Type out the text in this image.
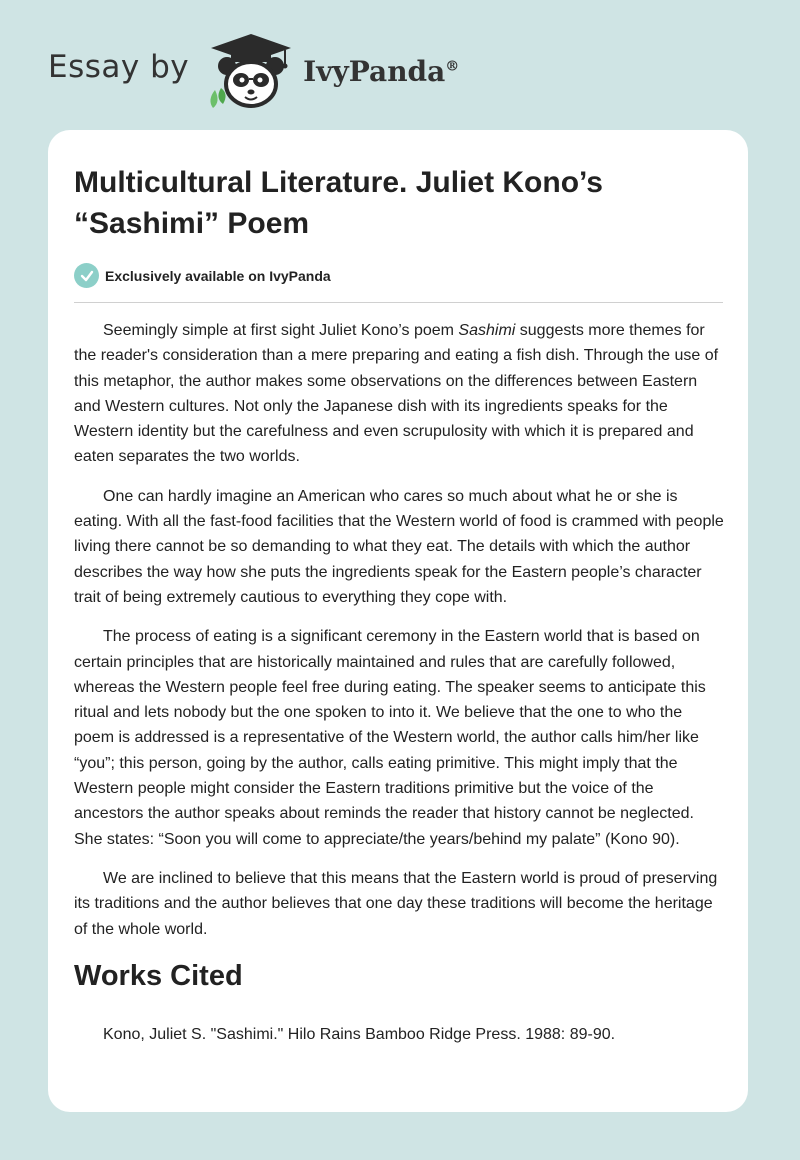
Essay by	IvyPanda®
Multicultural Literature. Juliet Kono’s “Sashimi” Poem
Exclusively available on IvyPanda

Seemingly simple at first sight Juliet Kono’s poem Sashimi suggests more themes for the reader's consideration than a mere preparing and eating a fish dish. Through the use of this metaphor, the author makes some observations on the differences between Eastern and Western cultures. Not only the Japanese dish with its ingredients speaks for the Western identity but the carefulness and even scrupulosity with which it is prepared and eaten separates the two worlds.

One can hardly imagine an American who cares so much about what he or she is eating. With all the fast-food facilities that the Western world of food is crammed with people living there cannot be so demanding to what they eat. The details with which the author describes the way how she puts the ingredients speak for the Eastern people’s character trait of being extremely cautious to everything they cope with.

The process of eating is a significant ceremony in the Eastern world that is based on certain principles that are historically maintained and rules that are carefully followed, whereas the Western people feel free during eating. The speaker seems to anticipate this ritual and lets nobody but the one spoken to into it. We believe that the one to who the poem is addressed is a representative of the Western world, the author calls him/her like “you”; this person, going by the author, calls eating primitive. This might imply that the Western people might consider the Eastern traditions primitive but the voice of the ancestors the author speaks about reminds the reader that history cannot be neglected. She states: “Soon you will come to appreciate/the years/behind my palate” (Kono 90).

We are inclined to believe that this means that the Eastern world is proud of preserving its traditions and the author believes that one day these traditions will become the heritage of the whole world.

Works Cited
Kono, Juliet S. "Sashimi." Hilo Rains Bamboo Ridge Press. 1988: 89-90.
